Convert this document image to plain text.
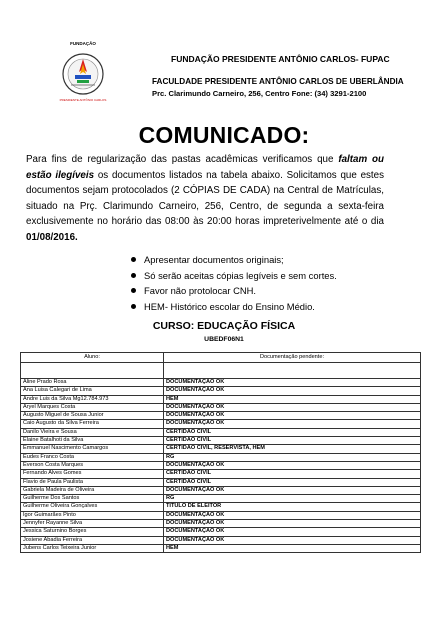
FUNDAÇÃO
PRESIDENTE ANTÔNIO CARLOS
FUNDAÇÃO PRESIDENTE ANTÔNIO CARLOS- FUPAC
FACULDADE PRESIDENTE ANTÔNIO CARLOS DE UBERLÂNDIA
Prc. Clarimundo Carneiro, 256, Centro Fone: (34) 3291-2100
COMUNICADO:
Para fins de regularização das pastas acadêmicas verificamos que faltam ou estão ilegíveis os documentos listados na tabela abaixo. Solicitamos que estes documentos sejam protocolados (2 CÓPIAS DE CADA) na Central de Matrículas, situado na Prç. Clarimundo Carneiro, 256, Centro, de segunda a sexta-feira exclusivemente no horário das 08:00 às 20:00 horas impreterivelmente até o dia 01/08/2016.
Apresentar documentos originais;
Só serão aceitas cópias legíveis e sem cortes.
Favor não protolocar CNH.
HEM- Histórico escolar do Ensino Médio.
CURSO: EDUCAÇÃO FÍSICA
UBEDF06N1
Aluno:	Documentação pendente:

Aline Prado Rosa	DOCUMENTAÇÃO OK
Ana Luisa Calegari de Lima	DOCUMENTAÇÃO OK
Andre Luis da Silva Mg12.784.973	HEM
Aryel Marques Costa	DOCUMENTAÇÃO OK
Augusto Miguel de Sousa Junior	DOCUMENTAÇÃO OK
Caio Augusto da Silva Ferreira	DOCUMENTAÇÃO OK
Danilo Vieira e Sousa	CERTIDÃO CIVIL
Elaine Batalhoti da Silva	CERTIDÃO CIVIL
Emmanuel Nascimento Camargos	CERTIDÃO CIVIL, RESERVISTA, HEM
Eudes Franco Costa	RG
Everson Costa Marques	DOCUMENTAÇÃO OK
Fernando Alves Gomes	CERTIDÃO CIVIL
Flavio de Paula Paulista	CERTIDÃO CIVIL
Gabriela Madeira de Oliveira	DOCUMENTAÇÃO OK
Guilherme Dos Santos	RG
Guilherme Oliveira Gonçalves	TÍTULO DE ELEITOR
Igor Guimarães Pinto	DOCUMENTAÇÃO OK
Jennyfer Rayanne Silva	DOCUMENTAÇÃO OK
Jessica Saturnino Borges	DOCUMENTAÇÃO OK
Josiene Abadia Ferreira	DOCUMENTAÇÃO OK
Jubens Carlos Teixeira Junior	HEM
